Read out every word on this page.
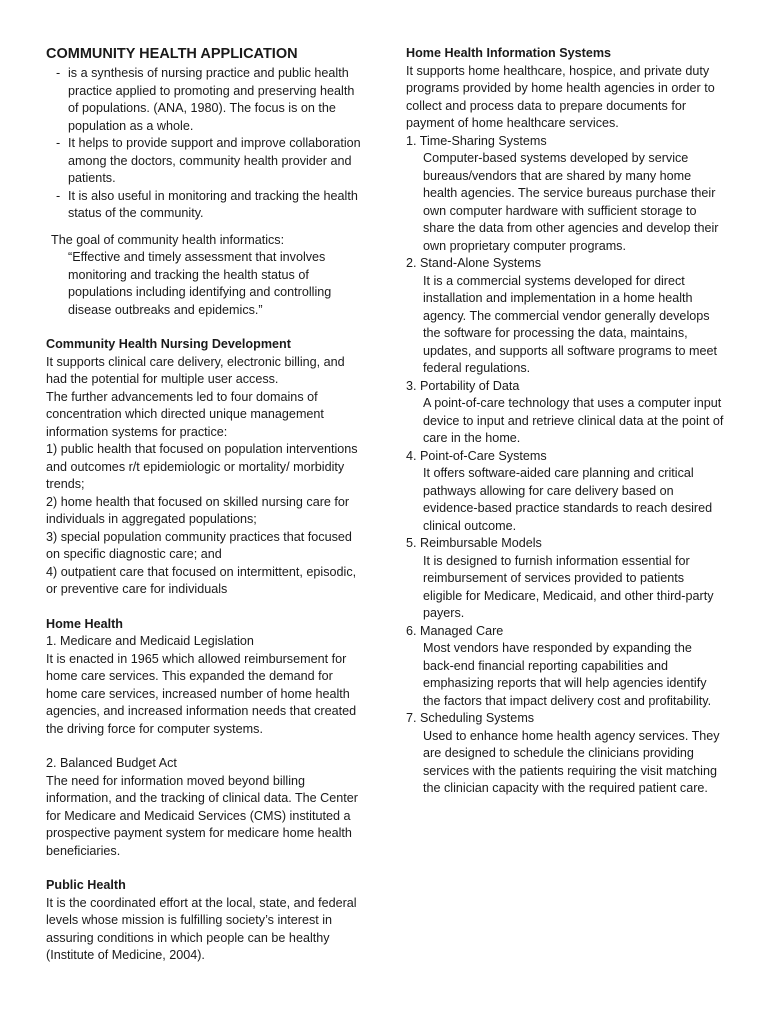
COMMUNITY HEALTH APPLICATION
- is a synthesis of nursing practice and public health practice applied to promoting and preserving health of populations. (ANA, 1980). The focus is on the population as a whole.
- It helps to provide support and improve collaboration among the doctors, community health provider and patients.
- It is also useful in monitoring and tracking the health status of the community.
The goal of community health informatics:
“Effective and timely assessment that involves monitoring and tracking the health status of populations including identifying and controlling disease outbreaks and epidemics.”
Community Health Nursing Development
It supports clinical care delivery, electronic billing, and had the potential for multiple user access.
The further advancements led to four domains of concentration which directed unique management information systems for practice:
1) public health that focused on population interventions and outcomes r/t epidemiologic or mortality/ morbidity trends;
2) home health that focused on skilled nursing care for individuals in aggregated populations;
3) special population community practices that focused on specific diagnostic care; and
4) outpatient care that focused on intermittent, episodic, or preventive care for individuals
Home Health
1. Medicare and Medicaid Legislation
It is enacted in 1965 which allowed reimbursement for home care services. This expanded the demand for home care services, increased number of home health agencies, and increased information needs that created the driving force for computer systems.
2. Balanced Budget Act
The need for information moved beyond billing information, and the tracking of clinical data. The Center for Medicare and Medicaid Services (CMS) instituted a prospective payment system for medicare home health beneficiaries.
Public Health
It is the coordinated effort at the local, state, and federal levels whose mission is fulfilling society’s interest in assuring conditions in which people can be healthy (Institute of Medicine, 2004).
Home Health Information Systems
It supports home healthcare, hospice, and private duty programs provided by home health agencies in order to collect and process data to prepare documents for payment of home healthcare services.
1. Time-Sharing Systems
Computer-based systems developed by service bureaus/vendors that are shared by many home health agencies. The service bureaus purchase their own computer hardware with sufficient storage to share the data from other agencies and develop their own proprietary computer programs.
2. Stand-Alone Systems
It is a commercial systems developed for direct installation and implementation in a home health agency. The commercial vendor generally develops the software for processing the data, maintains, updates, and supports all software programs to meet federal regulations.
3. Portability of Data
A point-of-care technology that uses a computer input device to input and retrieve clinical data at the point of care in the home.
4. Point-of-Care Systems
It offers software-aided care planning and critical pathways allowing for care delivery based on evidence-based practice standards to reach desired clinical outcome.
5. Reimbursable Models
It is designed to furnish information essential for reimbursement of services provided to patients eligible for Medicare, Medicaid, and other third-party payers.
6. Managed Care
Most vendors have responded by expanding the back-end financial reporting capabilities and emphasizing reports that will help agencies identify the factors that impact delivery cost and profitability.
7. Scheduling Systems
Used to enhance home health agency services. They are designed to schedule the clinicians providing services with the patients requiring the visit matching the clinician capacity with the required patient care.
